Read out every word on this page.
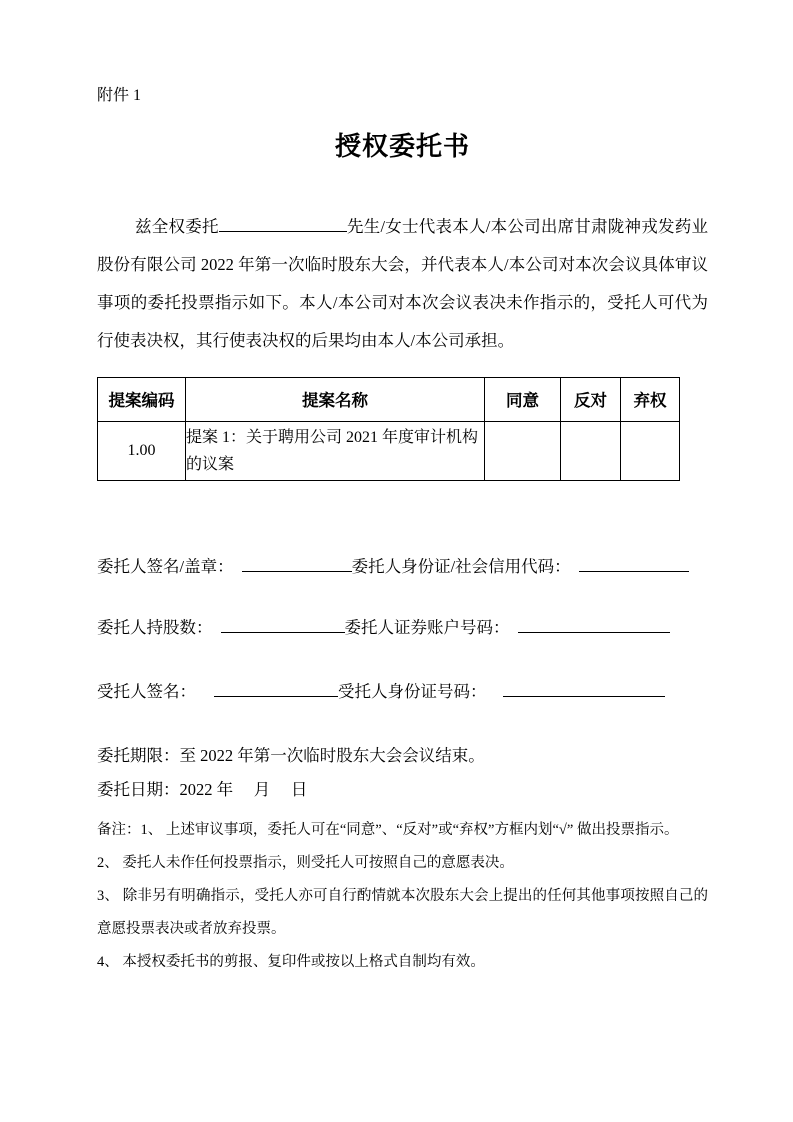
附件 1
授权委托书

兹全权委托	先生/女士代表本人/本公司出席甘肃陇神戎发药业股份有限公司 2022 年第一次临时股东大会，并代表本人/本公司对本次会议具体审议事项的委托投票指示如下。本人/本公司对本次会议表决未作指示的，受托人可代为行使表决权，其行使表决权的后果均由本人/本公司承担。

提案编码	提案名称	同意	反对	弃权
1.00	提案 1：关于聘用公司 2021 年度审计机构的议案			
委托人签名/盖章：	委托人身份证/社会信用代码：
委托人持股数：	委托人证券账户号码：
受托人签名：	受托人身份证号码：
委托期限：至 2022 年第一次临时股东大会会议结束。
委托日期：2022 年　 月　 日

备注：1、 上述审议事项，委托人可在“同意”、“反对”或“弃权”方框内划“√” 做出投票指示。

2、 委托人未作任何投票指示，则受托人可按照自己的意愿表决。

3、 除非另有明确指示，受托人亦可自行酌情就本次股东大会上提出的任何其他事项按照自己的意愿投票表决或者放弃投票。

4、 本授权委托书的剪报、复印件或按以上格式自制均有效。
